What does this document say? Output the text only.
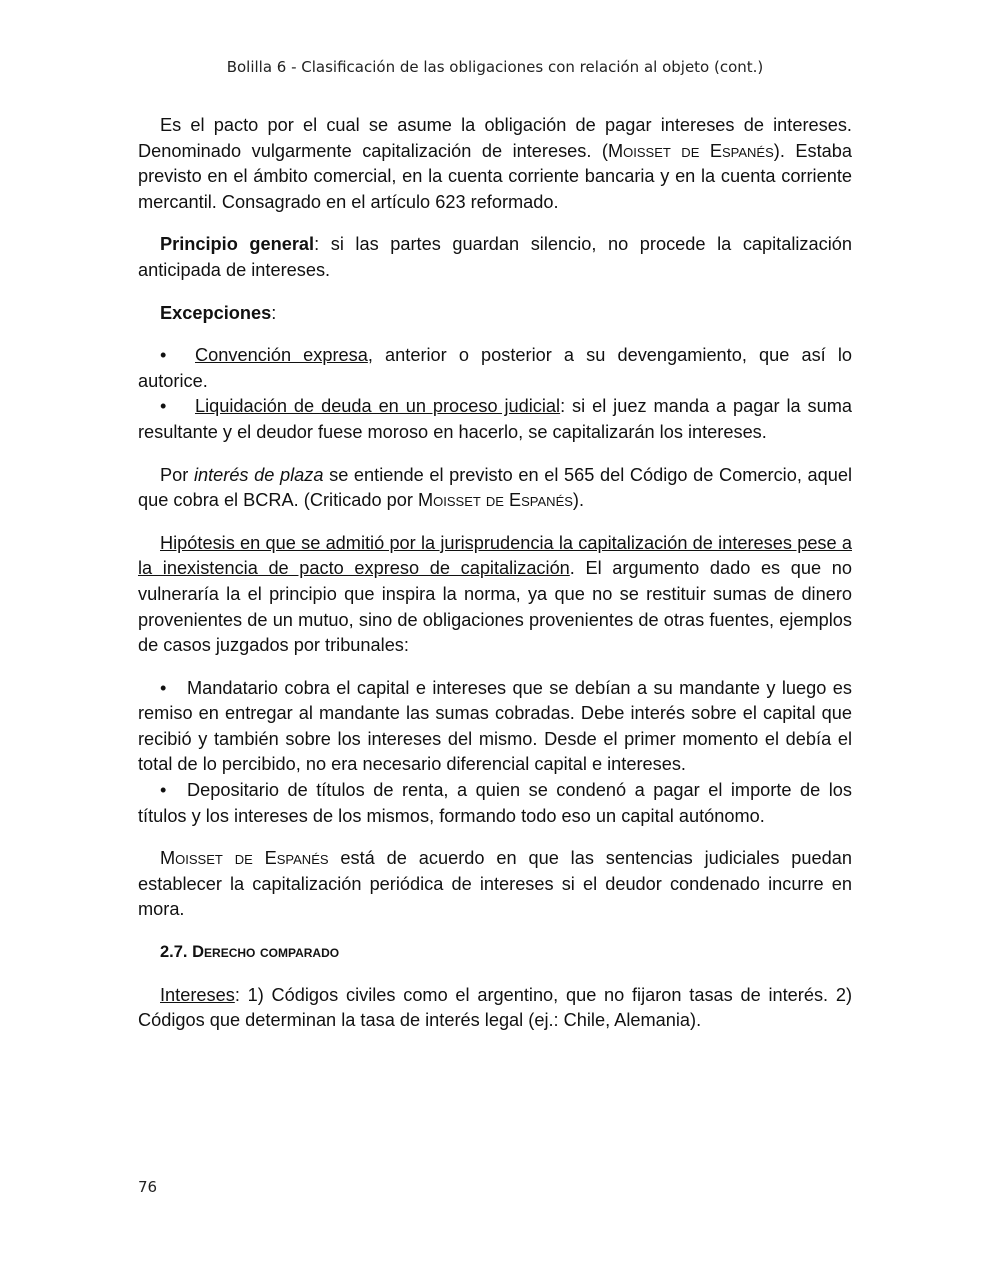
Bolilla 6 - Clasificación de las obligaciones con relación al objeto (cont.)

Es el pacto por el cual se asume la obligación de pagar intereses de intereses. Denominado vulgarmente capitalización de intereses. (Moisset de Espanés). Estaba previsto en el ámbito comercial, en la cuenta corriente bancaria y en la cuenta corriente mercantil. Consagrado en el artículo 623 reformado.

Principio general: si las partes guardan silencio, no procede la capitalización anticipada de intereses.

Excepciones:

• Convención expresa, anterior o posterior a su devengamiento, que así lo autorice.

• Liquidación de deuda en un proceso judicial: si el juez manda a pagar la suma resultante y el deudor fuese moroso en hacerlo, se capitalizarán los intereses.

Por interés de plaza se entiende el previsto en el 565 del Código de Comercio, aquel que cobra el BCRA. (Criticado por Moisset de Espanés).

Hipótesis en que se admitió por la jurisprudencia la capitalización de intereses pese a la inexistencia de pacto expreso de capitalización. El argumento dado es que no vulneraría la el principio que inspira la norma, ya que no se restituir sumas de dinero provenientes de un mutuo, sino de obligaciones provenientes de otras fuentes, ejemplos de casos juzgados por tribunales:

• Mandatario cobra el capital e intereses que se debían a su mandante y luego es remiso en entregar al mandante las sumas cobradas. Debe interés sobre el capital que recibió y también sobre los intereses del mismo. Desde el primer momento el debía el total de lo percibido, no era necesario diferencial capital e intereses.

• Depositario de títulos de renta, a quien se condenó a pagar el importe de los títulos y los intereses de los mismos, formando todo eso un capital autónomo.

Moisset de Espanés está de acuerdo en que las sentencias judiciales puedan establecer la capitalización periódica de intereses si el deudor condenado incurre en mora.

2.7. Derecho comparado

Intereses: 1) Códigos civiles como el argentino, que no fijaron tasas de interés. 2) Códigos que determinan la tasa de interés legal (ej.: Chile, Alemania).

76
